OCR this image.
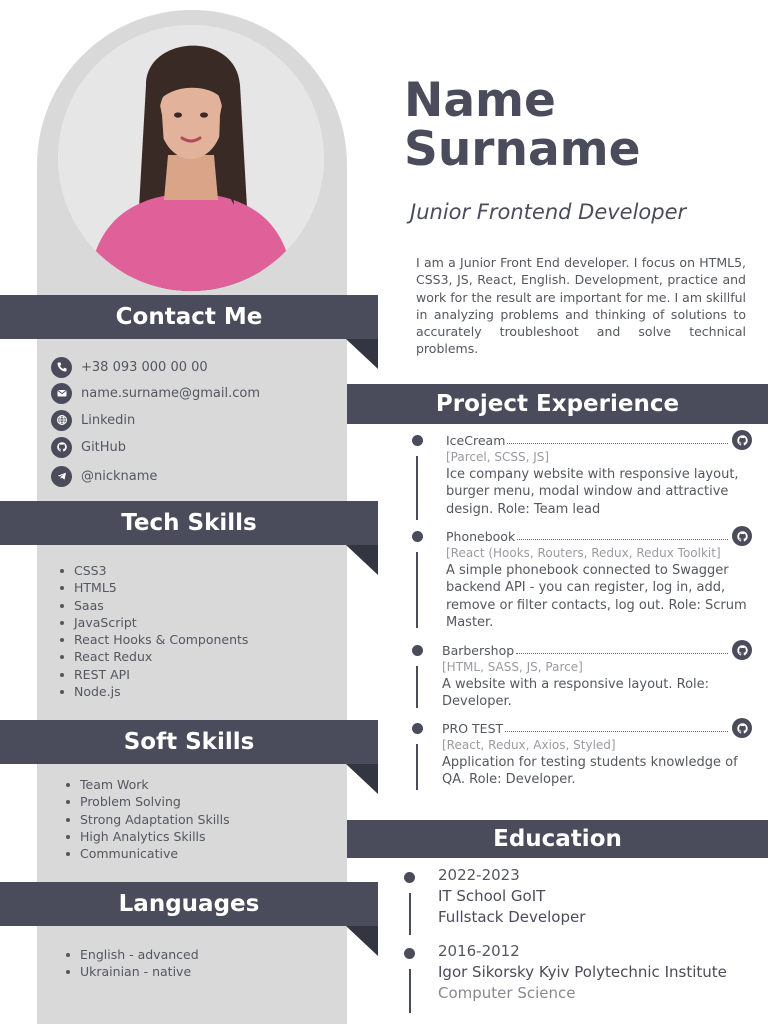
Contact Me
Tech Skills
Soft Skills
Languages
+38 093 000 00 00
name.surname@gmail.com
Linkedin
GitHub
@nickname
CSS3
HTML5
Saas
JavaScript
React Hooks & Components
React Redux
REST API
Node.js
Team Work
Problem Solving
Strong Adaptation Skills
High Analytics Skills
Communicative
English - advanced
Ukrainian - native
Name
Surname
Junior Frontend Developer
I am a Junior Front End developer. I focus on HTML5, CSS3, JS, React, English. Development, practice and work for the result are important for me. I am skillful in analyzing problems and thinking of solutions to accurately troubleshoot and solve technical problems.
Project Experience
Education
IceCream
[Parcel, SCSS, JS]
Ice company website with responsive layout, burger menu, modal window and attractive design. Role: Team lead
Phonebook
[React (Hooks, Routers, Redux, Redux Toolkit]
A simple phonebook connected to Swagger backend API - you can register, log in, add, remove or filter contacts, log out. Role: Scrum Master.
Barbershop
[HTML, SASS, JS, Parce]
A website with a responsive layout. Role: Developer.
PRO TEST
[React, Redux, Axios, Styled]
Application for testing students knowledge of QA. Role: Developer.
2022-2023
IT School GoIT
Fullstack Developer
2016-2012
Igor Sikorsky Kyiv Polytechnic Institute
Computer Science
